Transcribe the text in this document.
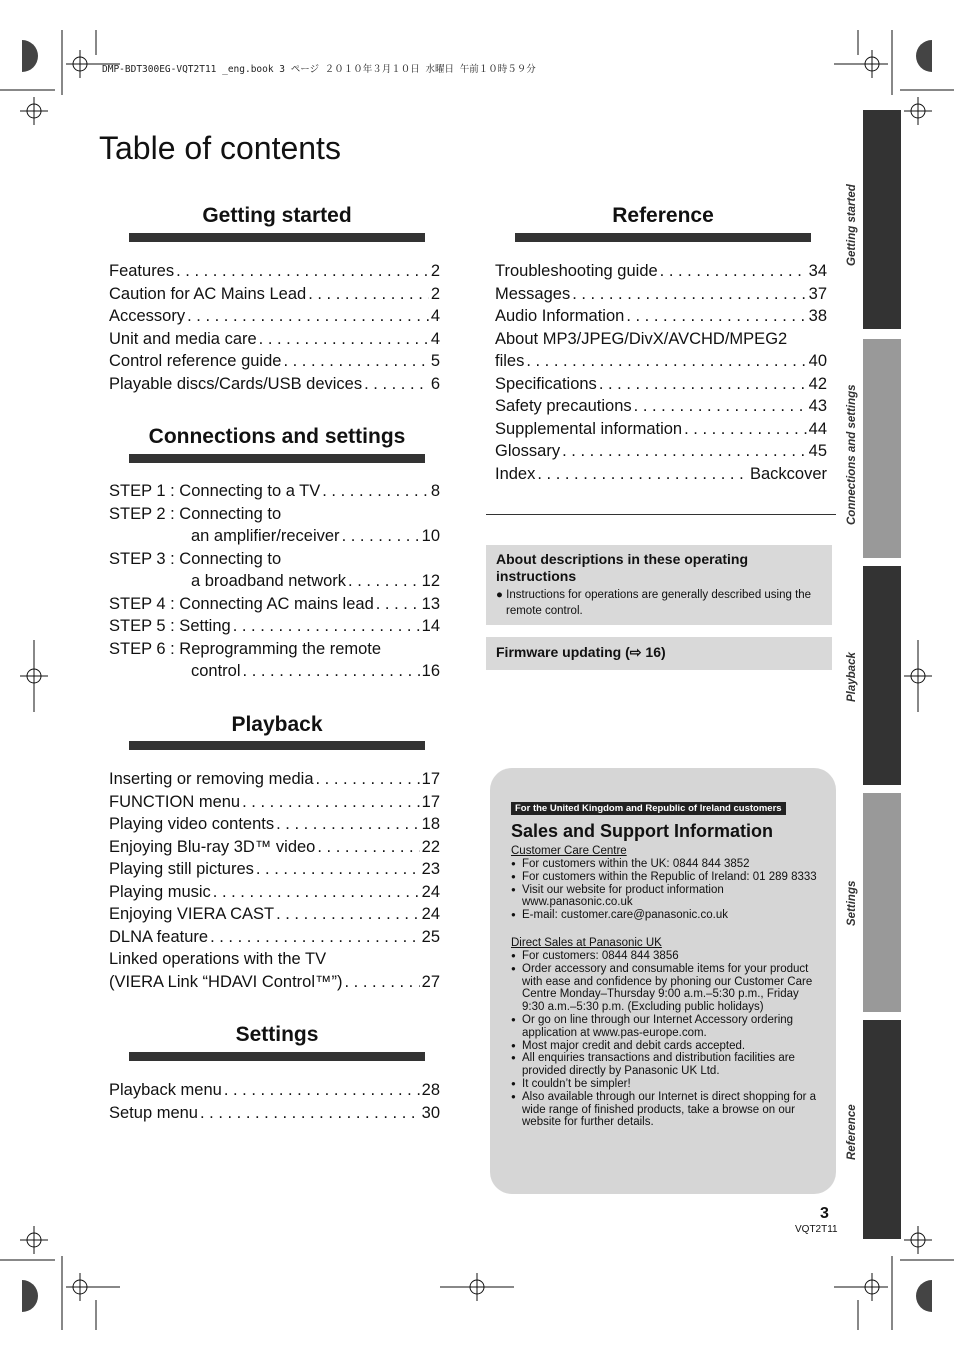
DMP-BDT300EG-VQT2T11 _eng.book 3 ページ ２０１０年３月１０日 水曜日 午前１０時５９分
Table of contents
Getting started
Features . . .	2
Caution for AC Mains Lead . . .	2
Accessory . . .	4
Unit and media care . . .	4
Control reference guide . . .	5
Playable discs/Cards/USB devices . . .	6
Connections and settings
STEP 1 : Connecting to a TV . . .	8
STEP 2 : Connecting to
an amplifier/receiver . . .	10
STEP 3 : Connecting to
a broadband network . . .	12
STEP 4 : Connecting AC mains lead . . .	13
STEP 5 : Setting . . .	14
STEP 6 : Reprogramming the remote
control . . .	16
Playback
Inserting or removing media . . .	17
FUNCTION menu . . .	17
Playing video contents . . .	18
Enjoying Blu-ray 3D™ video . . .	22
Playing still pictures . . .	23
Playing music . . .	24
Enjoying VIERA CAST . . .	24
DLNA feature . . .	25
Linked operations with the TV
(VIERA Link “HDAVI Control™”) . . .	27
Settings
Playback menu . . .	28
Setup menu . . .	30
Reference
Troubleshooting guide . . .	34
Messages . . .	37
Audio Information . . .	38
About MP3/JPEG/DivX/AVCHD/MPEG2
files . . .	40
Specifications . . .	42
Safety precautions . . .	43
Supplemental information . . .	44
Glossary . . .	45
Index . . .	Backcover
About descriptions in these operating instructions
● Instructions for operations are generally described using the remote control.
Firmware updating (⇨ 16)
For the United Kingdom and Republic of Ireland customers
Sales and Support Information
Customer Care Centre
● For customers within the UK: 0844 844 3852
● For customers within the Republic of Ireland: 01 289 8333
● Visit our website for product information www.panasonic.co.uk
● E-mail: customer.care@panasonic.co.uk
Direct Sales at Panasonic UK
● For customers: 0844 844 3856
● Order accessory and consumable items for your product with ease and confidence by phoning our Customer Care Centre Monday–Thursday 9:00 a.m.–5:30 p.m., Friday 9:30 a.m.–5:30 p.m. (Excluding public holidays)
● Or go on line through our Internet Accessory ordering application at www.pas-europe.com.
● Most major credit and debit cards accepted.
● All enquiries transactions and distribution facilities are provided directly by Panasonic UK Ltd.
● It couldn’t be simpler!
● Also available through our Internet is direct shopping for a wide range of finished products, take a browse on our website for further details.
Getting started
Connections and settings
Playback
Settings
Reference
3
VQT2T11
